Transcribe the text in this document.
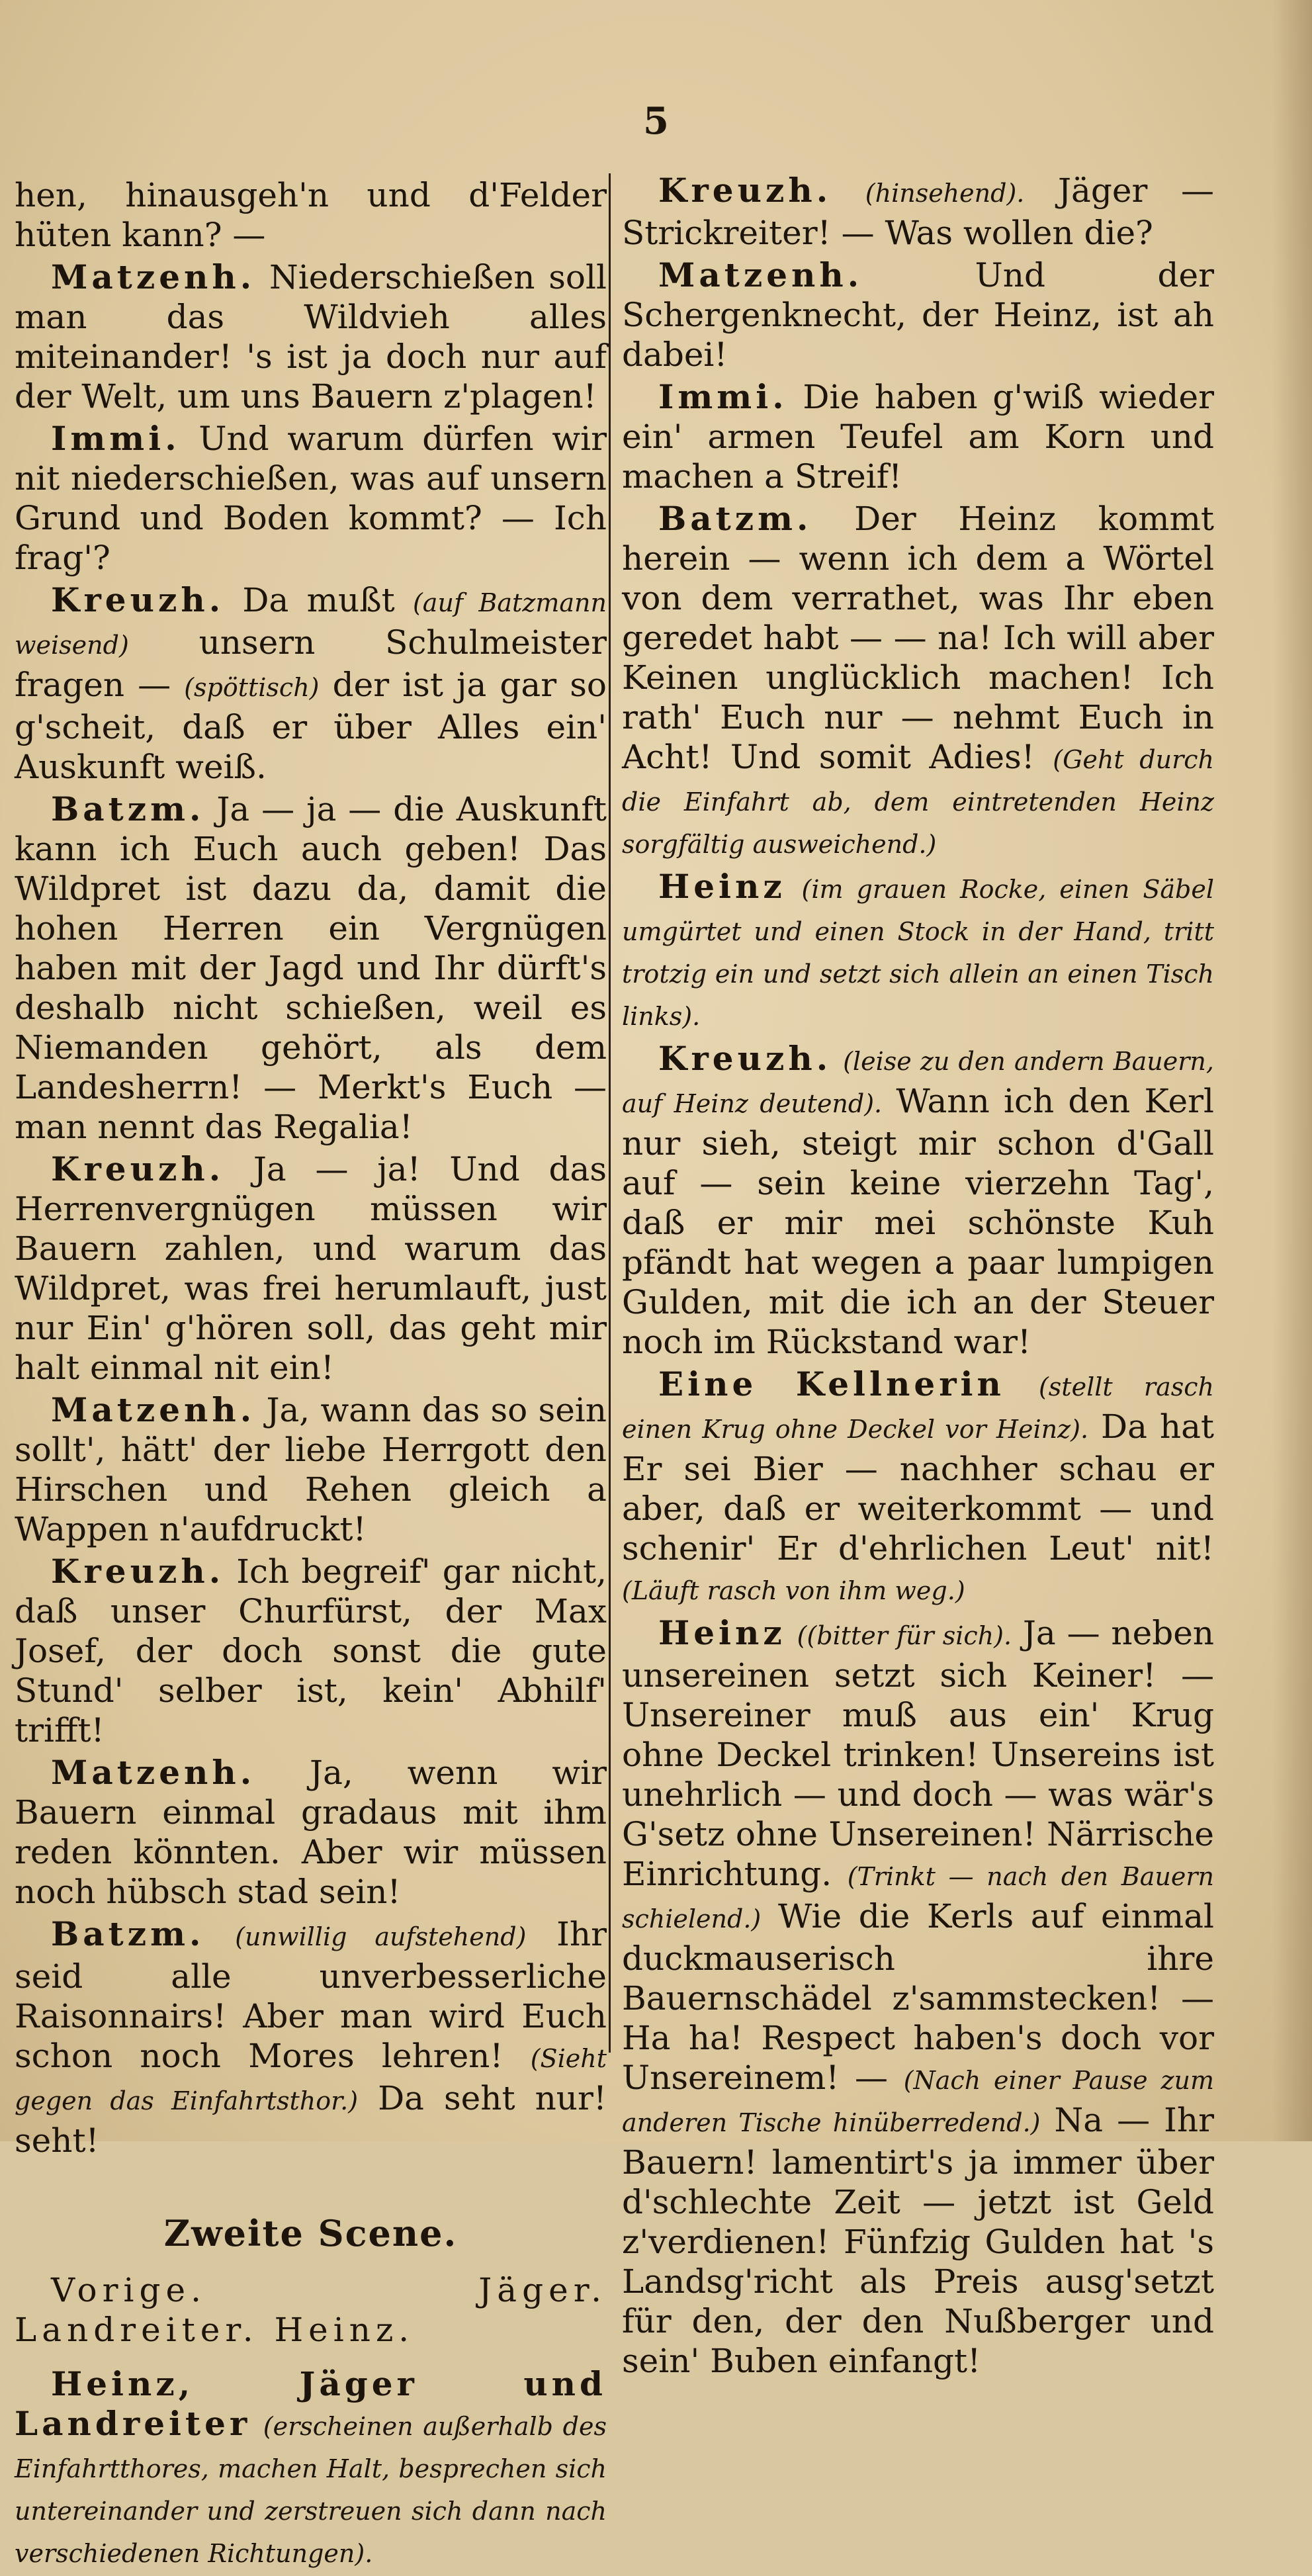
5

hen, hinausgeh'n und d'Felder hüten kann? —

Matzenh. Niederschießen soll man das Wildvieh alles miteinander! 's ist ja doch nur auf der Welt, um uns Bauern z'plagen!

Immi. Und warum dürfen wir nit niederschießen, was auf unsern Grund und Boden kommt? — Ich frag'?

Kreuzh. Da mußt (auf Batzmann weisend) unsern Schulmeister fragen — (spöttisch) der ist ja gar so g'scheit, daß er über Alles ein' Auskunft weiß.

Batzm. Ja — ja — die Auskunft kann ich Euch auch geben! Das Wildpret ist dazu da, damit die hohen Herren ein Vergnügen haben mit der Jagd und Ihr dürft's deshalb nicht schießen, weil es Niemanden gehört, als dem Landesherrn! — Merkt's Euch — man nennt das Regalia!

Kreuzh. Ja — ja! Und das Herrenvergnügen müssen wir Bauern zahlen, und warum das Wildpret, was frei herumlauft, just nur Ein' g'hören soll, das geht mir halt einmal nit ein!

Matzenh. Ja, wann das so sein sollt', hätt' der liebe Herrgott den Hirschen und Rehen gleich a Wappen n'aufdruckt!

Kreuzh. Ich begreif' gar nicht, daß unser Churfürst, der Max Josef, der doch sonst die gute Stund' selber ist, kein' Abhilf' trifft!

Matzenh. Ja, wenn wir Bauern einmal gradaus mit ihm reden könnten. Aber wir müssen noch hübsch stad sein!

Batzm. (unwillig aufstehend) Ihr seid alle unverbesserliche Raisonnairs! Aber man wird Euch schon noch Mores lehren! (Sieht gegen das Einfahrtsthor.) Da seht nur! seht!

Zweite Scene.

Vorige. Jäger. Landreiter. Heinz.

Heinz, Jäger und Landreiter (erscheinen außerhalb des Einfahrtthores, machen Halt, besprechen sich untereinander und zerstreuen sich dann nach verschiedenen Richtungen).

Kreuzh. (hinsehend). Jäger — Strickreiter! — Was wollen die?

Matzenh.	Und der Schergenknecht, der Heinz, ist ah dabei!

Immi. Die haben g'wiß wieder ein' armen Teufel am Korn und machen a Streif!

Batzm. Der Heinz kommt herein — wenn ich dem a Wörtel von dem verrathet, was Ihr eben geredet habt — — na! Ich will aber Keinen unglücklich machen! Ich rath' Euch nur — nehmt Euch in Acht! Und somit Adies! (Geht durch die Einfahrt ab, dem eintretenden Heinz sorgfältig ausweichend.)

Heinz (im grauen Rocke, einen Säbel umgürtet und einen Stock in der Hand, tritt trotzig ein und setzt sich allein an einen Tisch links).

Kreuzh. (leise zu den andern Bauern, auf Heinz deutend). Wann ich den Kerl nur sieh, steigt mir schon d'Gall auf — sein keine vierzehn Tag', daß er mir mei schönste Kuh pfändt hat wegen a paar lumpigen Gulden, mit die ich an der Steuer noch im Rückstand war!

Eine Kellnerin (stellt rasch einen Krug ohne Deckel vor Heinz). Da hat Er sei Bier — nachher schau er aber, daß er weiterkommt — und schenir' Er d'ehrlichen Leut' nit! (Läuft rasch von ihm weg.)

Heinz ((bitter für sich). Ja — neben unsereinen setzt sich Keiner! — Unsereiner muß aus ein' Krug ohne Deckel trinken! Unsereins ist unehrlich — und doch — was wär's G'setz ohne Unsereinen! Närrische Einrichtung. (Trinkt — nach den Bauern schielend.) Wie die Kerls auf einmal duckmauserisch ihre Bauernschädel z'sammstecken! — Ha ha! Respect haben's doch vor Unsereinem! — (Nach einer Pause zum anderen Tische hinüberredend.) Na — Ihr Bauern! lamentirt's ja immer über d'schlechte Zeit — jetzt ist Geld z'verdienen! Fünfzig Gulden hat 's Landsg'richt als Preis ausg'setzt für den, der den Nußberger und sein' Buben einfangt!
